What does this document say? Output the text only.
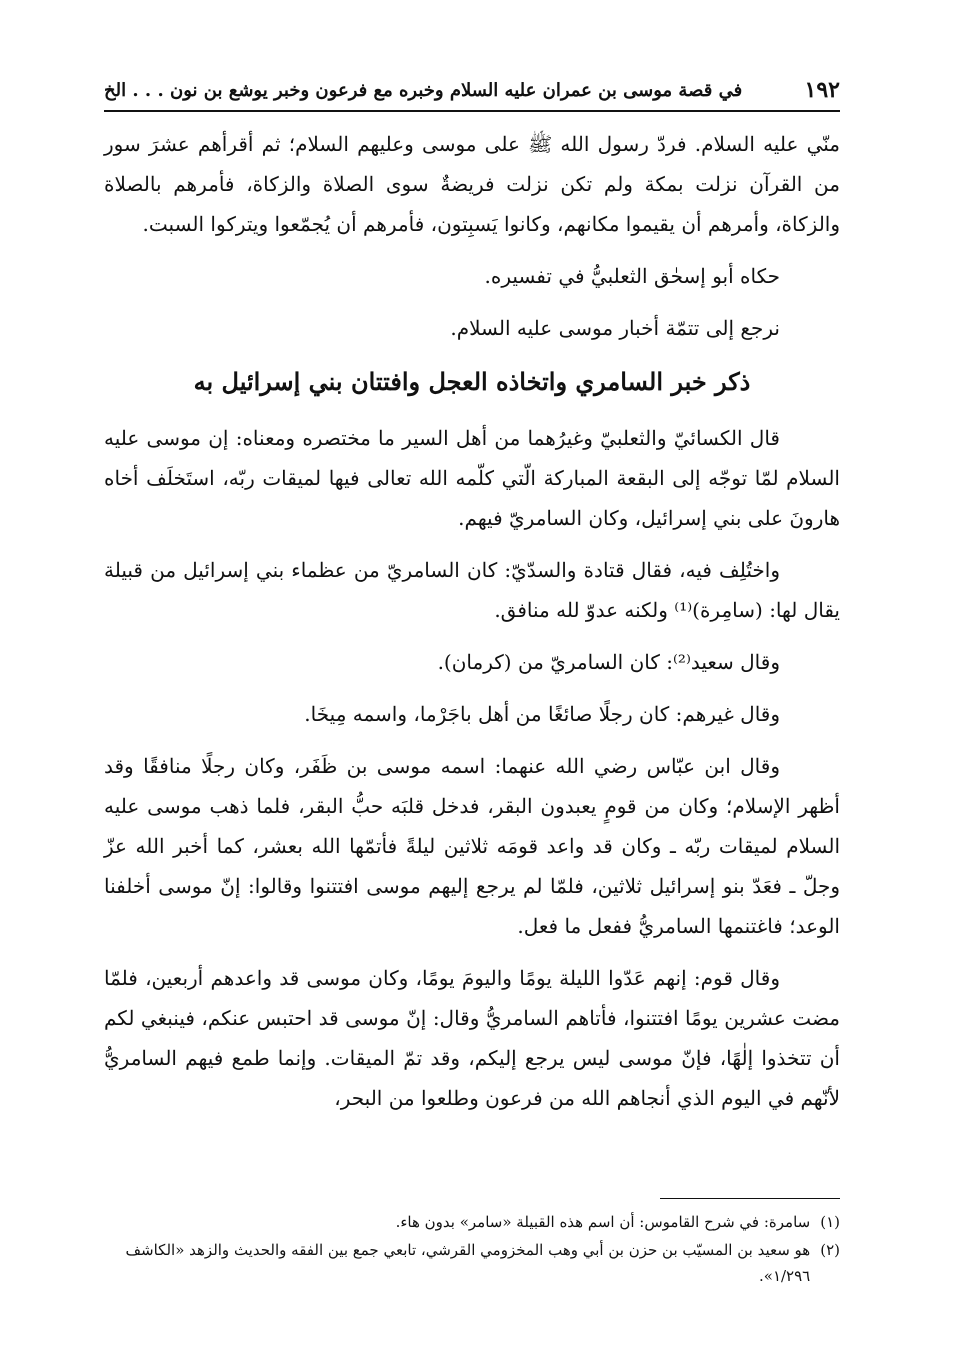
١٩٢
في قصة موسى بن عمران عليه السلام وخبره مع فرعون وخبر يوشع بن نون . . . الخ

منّي عليه السلام. فردّ رسول الله ﷺ على موسى وعليهم السلام؛ ثم أقرأهم عشرَ سور من القرآن نزلت بمكة ولم تكن نزلت فريضةٌ سوى الصلاة والزكاة، فأمرهم بالصلاة والزكاة، وأمرهم أن يقيموا مكانهم، وكانوا يَسبِتون، فأمرهم أن يُجمّعوا ويتركوا السبت.

حكاه أبو إسحٰق الثعلبيُّ في تفسيره.

نرجع إلى تتمّة أخبار موسى عليه السلام.

ذكر خبر السامري واتخاذه العجل وافتتان بني إسرائيل به

قال الكسائيّ والثعلبيّ وغيرُهما من أهل السير ما مختصره ومعناه: إن موسى عليه السلام لمّا توجّه إلى البقعة المباركة الّتي كلّمه الله تعالى فيها لميقات ربّه، استَخلَف أخاه هارونَ على بني إسرائيل، وكان السامريّ فيهم.

واختُلِف فيه، فقال قتادة والسدّيّ: كان السامريّ من عظماء بني إسرائيل من قبيلة يقال لها: (سامِرة)⁽¹⁾ ولكنه عدوّ لله منافق.

وقال سعيد⁽²⁾: كان السامريّ من (كرمان).

وقال غيرهم: كان رجلًا صائغًا من أهل باجَرْما، واسمه مِيخَا.

وقال ابن عبّاس رضي الله عنهما: اسمه موسى بن ظَفَر، وكان رجلًا منافقًا وقد أظهر الإسلام؛ وكان من قومٍ يعبدون البقر، فدخل قلبَه حبُّ البقر، فلما ذهب موسى عليه السلام لميقات ربّه ـ وكان قد واعد قومَه ثلاثين ليلةً فأتمّها الله بعشر، كما أخبر الله عزّ وجلّ ـ فعَدّ بنو إسرائيل ثلاثين، فلمّا لم يرجع إليهم موسى افتتنوا وقالوا: إنّ موسى أخلفنا الوعد؛ فاغتنمها السامريُّ ففعل ما فعل.

وقال قوم: إنهم عَدّوا الليلة يومًا واليومَ يومًا، وكان موسى قد واعدهم أربعين، فلمّا مضت عشرين يومًا افتتنوا، فأتاهم السامريُّ وقال: إنّ موسى قد احتبس عنكم، فينبغي لكم أن تتخذوا إلٰهًا، فإنّ موسى ليس يرجع إليكم، وقد تمّ الميقات. وإنما طمع فيهم السامريُّ لأنّهم في اليوم الذي أنجاهم الله من فرعون وطلعوا من البحر،

(١)
سامرة: في شرح القاموس: أن اسم هذه القبيلة «سامر» بدون هاء.
(٢)
هو سعيد بن المسيّب بن حزن بن أبي وهب المخزومي القرشي، تابعي جمع بين الفقه والحديث والزهد «الكاشف ١/٢٩٦».
